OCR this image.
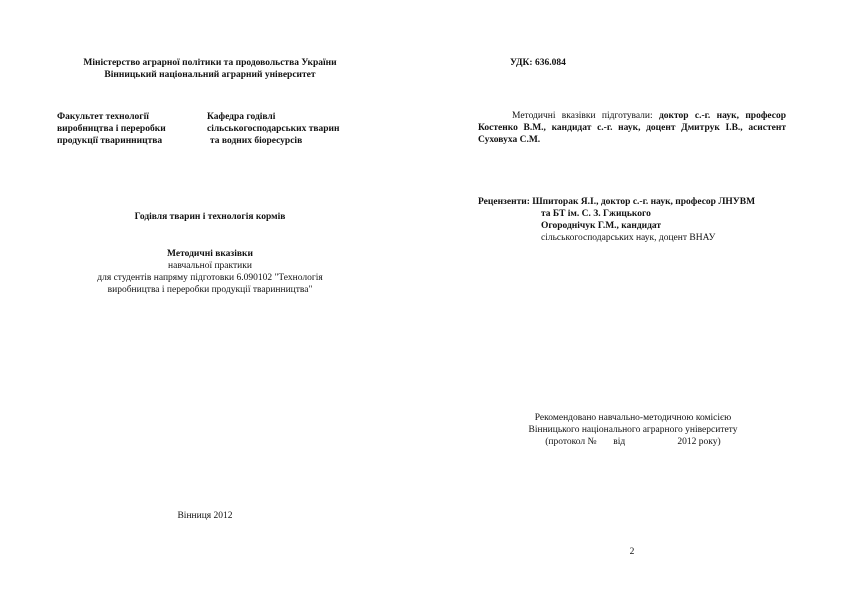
Міністерство аграрної політики та продовольства України
Вінницький національний аграрний університет
Факультет технології
виробництва і переробки
продукції тваринництва
Кафедра годівлі
сільськогосподарських тварин
та водних біоресурсів
Годівля тварин і технологія кормів
Методичні вказівки
навчальної практики
для студентів напряму підготовки 6.090102 "Технологія
виробництва і переробки продукції тваринництва"
Вінниця 2012
УДК: 636.084
Методичні вказівки підготували: доктор с.-г. наук, професор Костенко В.М., кандидат с.-г. наук, доцент Дмитрук І.В., асистент Суховуха С.М.
Рецензенти: Шпиторак Я.І., доктор с.-г. наук, професор ЛНУВМ
та БТ ім. С. З. Гжицького
Огороднічук Г.М., кандидат
сільськогосподарських наук, доцент ВНАУ
Рекомендовано навчально-методичною комісією
Вінницького національного аграрного університету
(протокол №       від                      2012 року)
2
